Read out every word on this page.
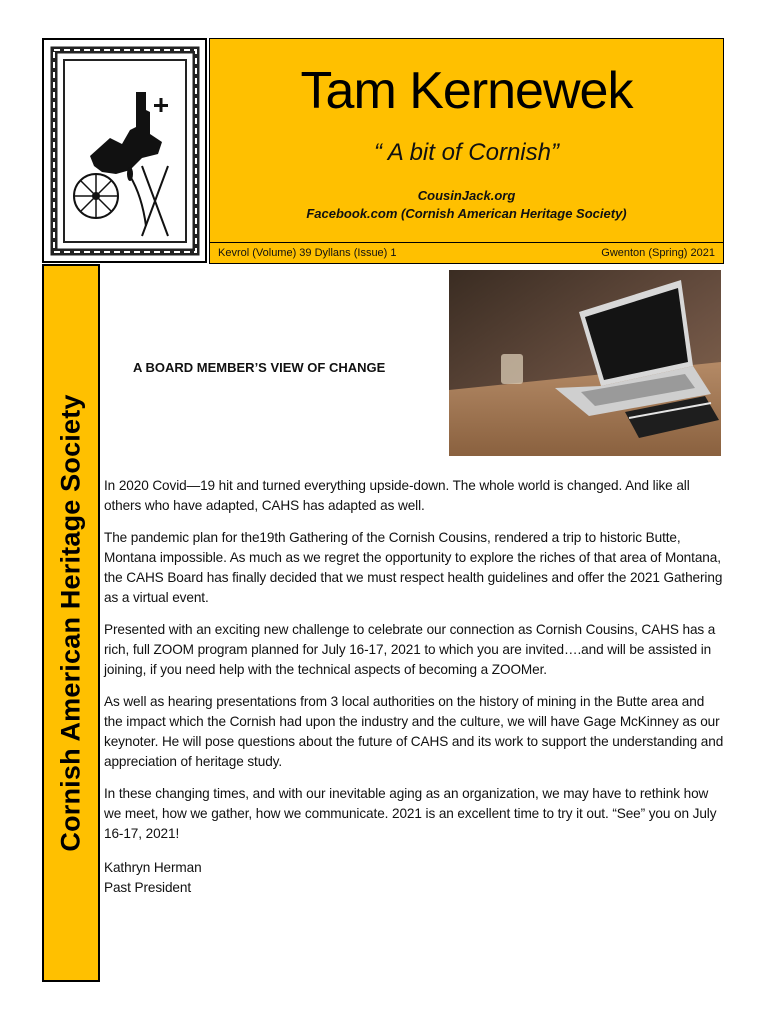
Tam Kernewek

“ A bit of Cornish”

CousinJack.org
Facebook.com (Cornish American Heritage Society)
Kevrol (Volume) 39 Dyllans (Issue) 1	Gwenton (Spring) 2021
Cornish American Heritage Society
A BOARD MEMBER’S VIEW OF CHANGE

In 2020 Covid—19 hit and turned everything upside-down. The whole world is changed. And like all others who have adapted, CAHS has adapted as well.

The pandemic plan for the19th Gathering of the Cornish Cousins, rendered a trip to historic Butte, Montana impossible. As much as we regret the opportunity to explore the riches of that area of Montana, the CAHS Board has finally decided that we must respect health guidelines and offer the 2021 Gathering as a virtual event.

Presented with an exciting new challenge to celebrate our connection as Cornish Cousins, CAHS has a rich, full ZOOM program planned for July 16-17, 2021 to which you are invited….and will be assisted in joining, if you need help with the technical aspects of becoming a ZOOMer.

As well as hearing presentations from 3 local authorities on the history of mining in the Butte area and the impact which the Cornish had upon the industry and the culture, we will have Gage McKinney as our keynoter. He will pose questions about the future of CAHS and its work to support the understanding and appreciation of heritage study.

In these changing times, and with our inevitable aging as an organization, we may have to rethink how we meet, how we gather, how we communicate. 2021 is an excellent time to try it out. “See” you on July 16-17, 2021!

Kathryn Herman
Past President
